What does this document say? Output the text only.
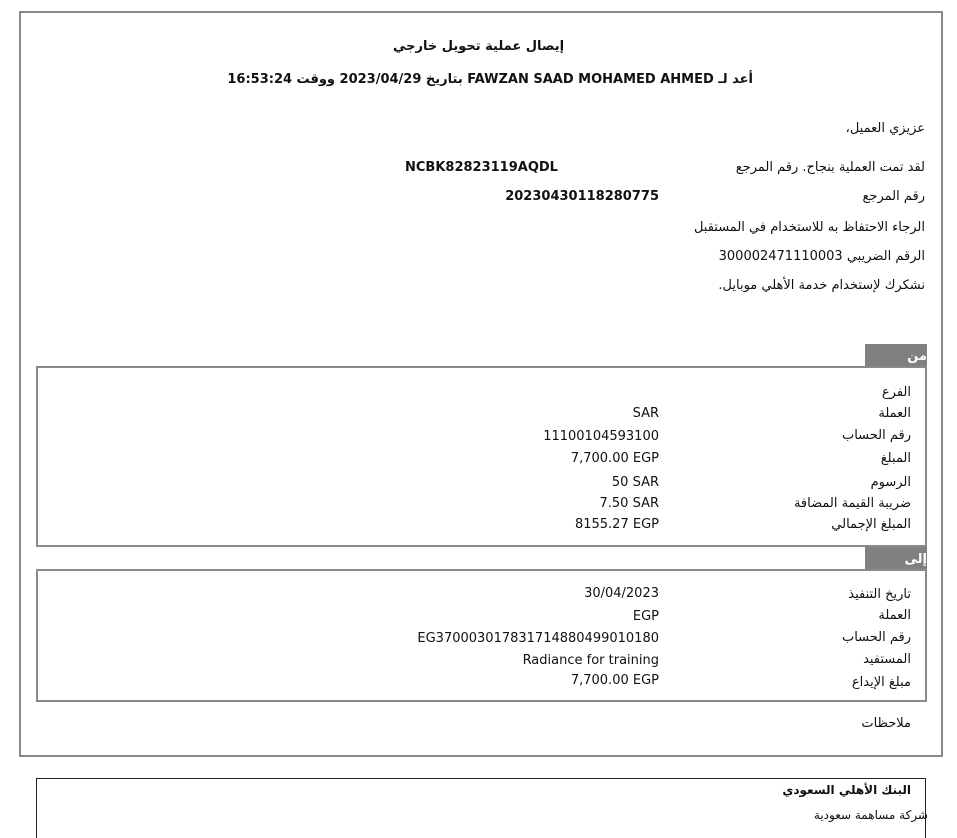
إيصال عملية تحويل خارجي
أعد لـ FAWZAN SAAD MOHAMED AHMED بتاريخ 2023/04/29 ووقت 16:53:24
عزيزي العميل،
لقد تمت العملية بنجاح. رقم المرجع
NCBK82823119AQDL
رقم المرجع
20230430118280775
الرجاء الاحتفاظ به للاستخدام في المستقبل
الرقم الضريبي 300002471110003
نشكرك لإستخدام خدمة الأهلي موبايل.
من
الفرع
العملة
SAR
رقم الحساب
11100104593100
المبلغ
7,700.00 EGP
الرسوم
50 SAR
ضريبة القيمة المضافة
7.50 SAR
المبلغ الإجمالي
8155.27 EGP
إلى
تاريخ التنفيذ
30/04/2023
العملة
EGP
رقم الحساب
EG370003017831714880499010180
المستفيد
Radiance for training
مبلغ الإيداع
7,700.00 EGP
ملاحظات
البنك الأهلي السعودي
شركة مساهمة سعودية
